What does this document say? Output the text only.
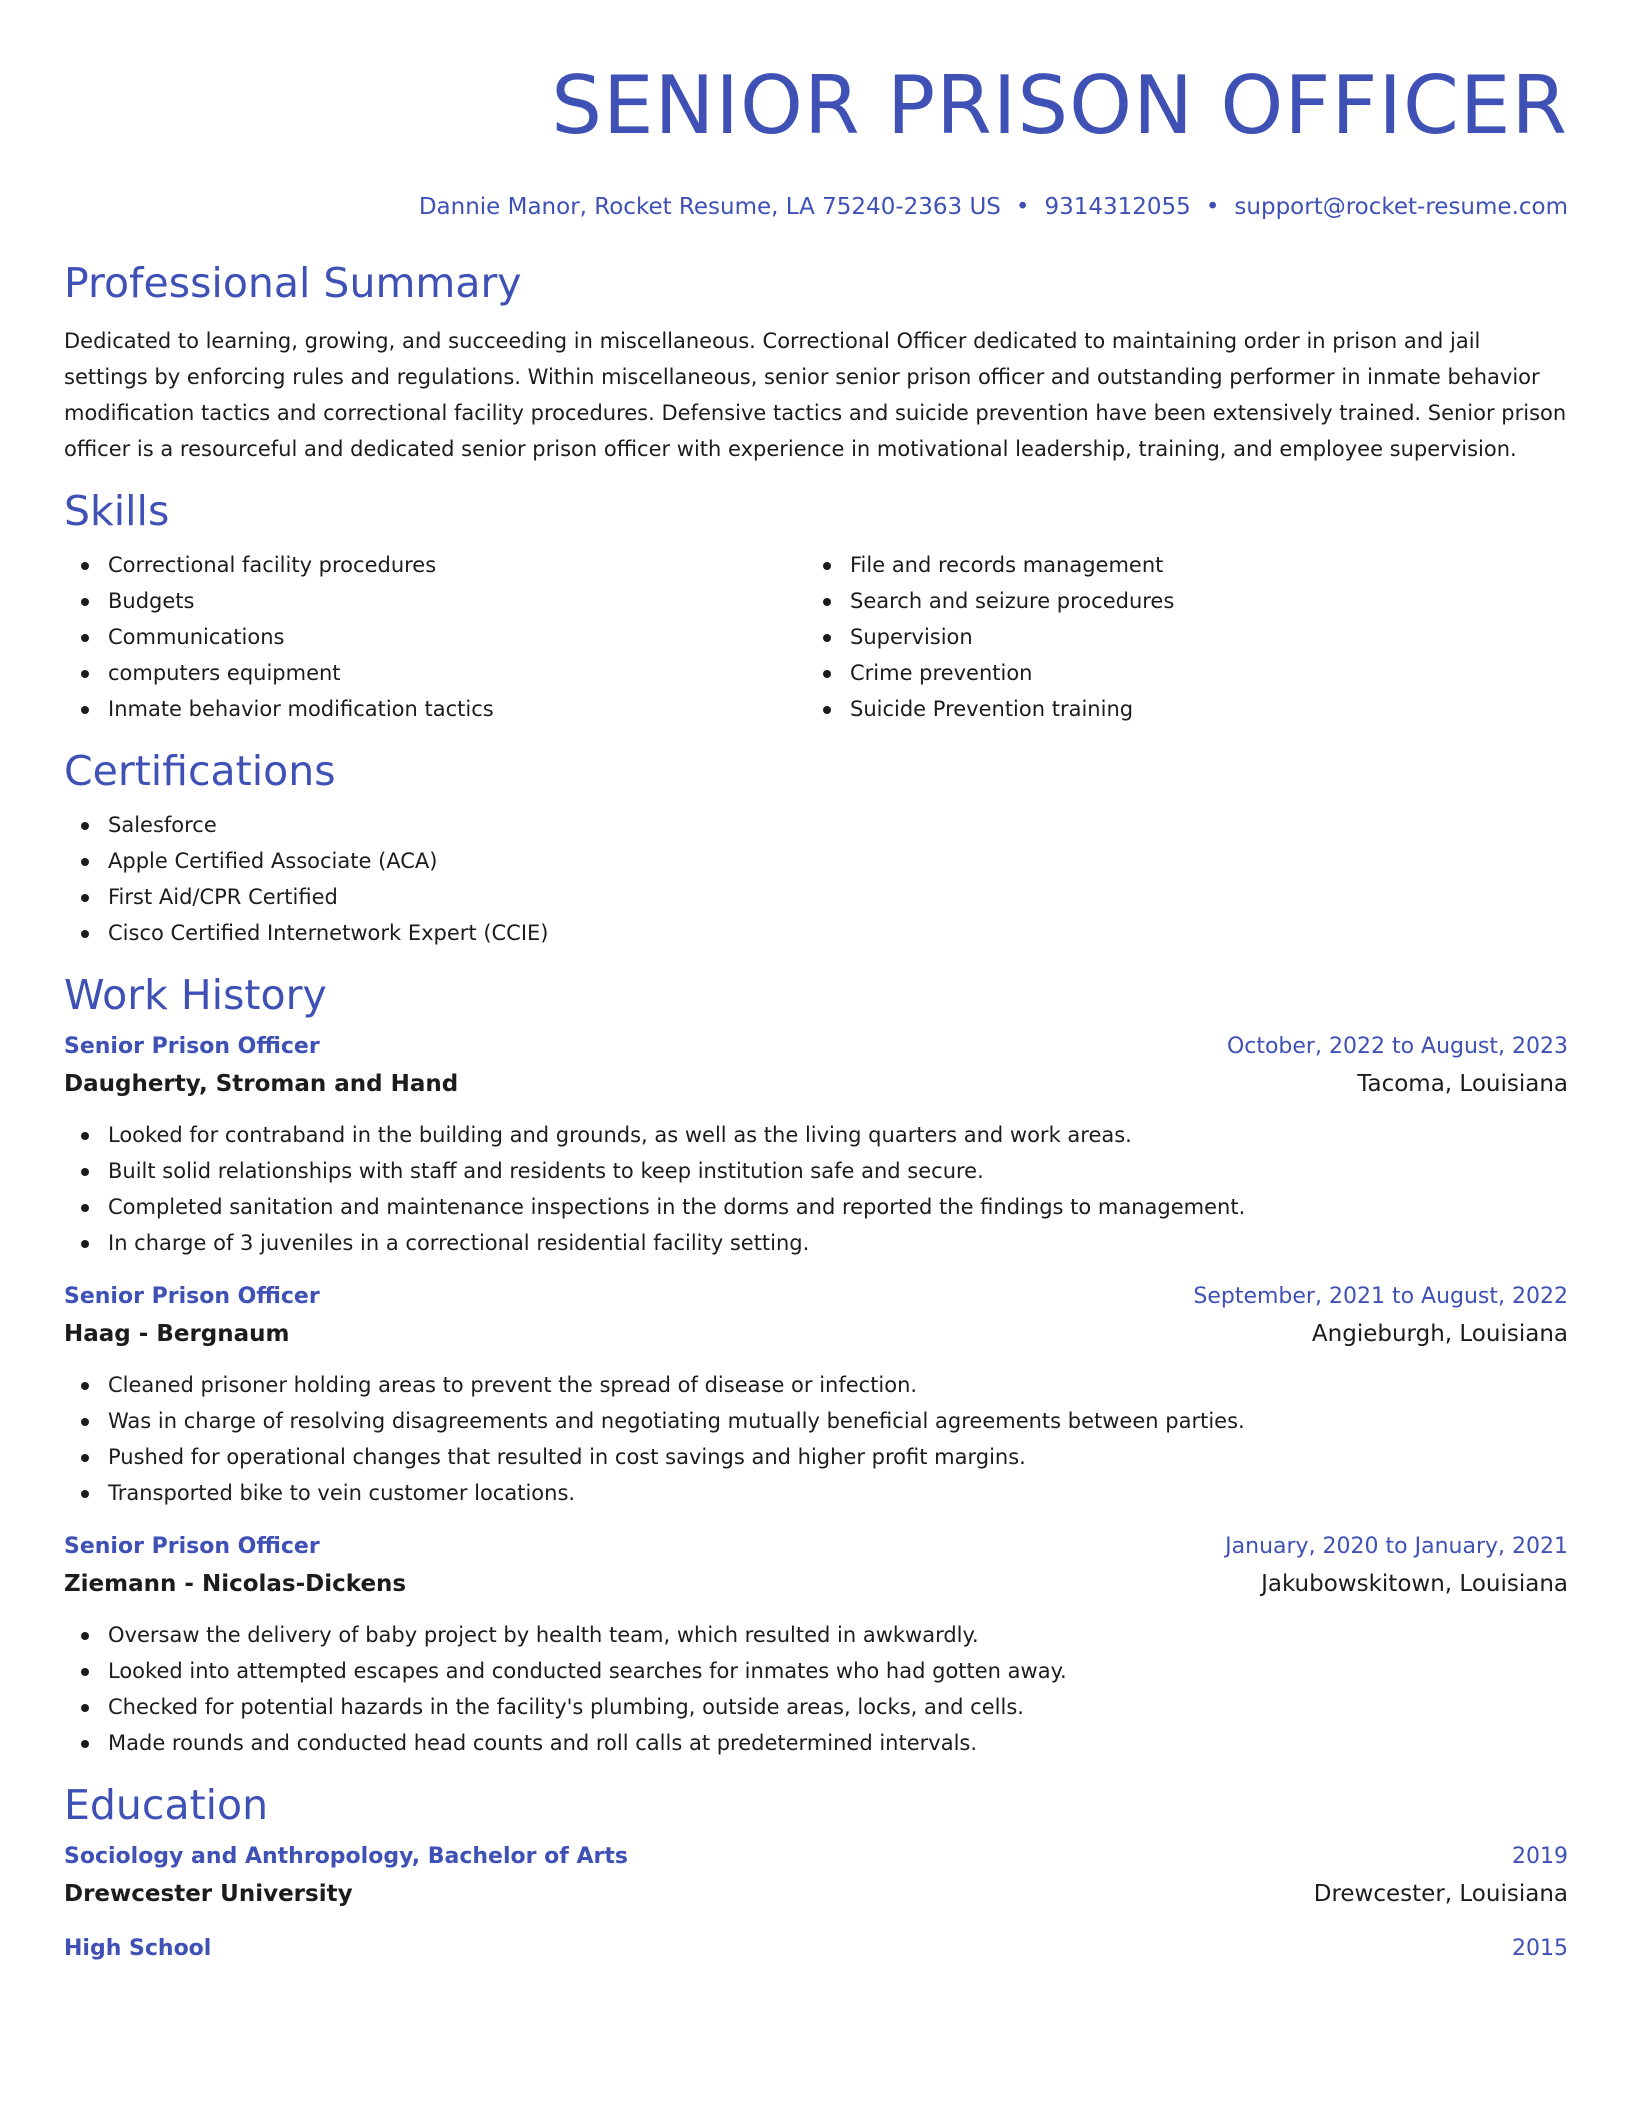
SENIOR PRISON OFFICER
Dannie Manor, Rocket Resume, LA 75240-2363 US • 9314312055 • support@rocket-resume.com
Professional Summary

Dedicated to learning, growing, and succeeding in miscellaneous. Correctional Officer dedicated to maintaining order in prison and jail settings by enforcing rules and regulations. Within miscellaneous, senior senior prison officer and outstanding performer in inmate behavior modification tactics and correctional facility procedures. Defensive tactics and suicide prevention have been extensively trained. Senior prison officer is a resourceful and dedicated senior prison officer with experience in motivational leadership, training, and employee supervision.

Skills
Correctional facility procedures
Budgets
Communications
computers equipment
Inmate behavior modification tactics
File and records management
Search and seizure procedures
Supervision
Crime prevention
Suicide Prevention training
Certifications
Salesforce
Apple Certified Associate (ACA)
First Aid/CPR Certified
Cisco Certified Internetwork Expert (CCIE)
Work History
Senior Prison Officer	October, 2022 to August, 2023
Daugherty, Stroman and Hand	Tacoma, Louisiana
Looked for contraband in the building and grounds, as well as the living quarters and work areas.
Built solid relationships with staff and residents to keep institution safe and secure.
Completed sanitation and maintenance inspections in the dorms and reported the findings to management.
In charge of 3 juveniles in a correctional residential facility setting.
Senior Prison Officer	September, 2021 to August, 2022
Haag - Bergnaum	Angieburgh, Louisiana
Cleaned prisoner holding areas to prevent the spread of disease or infection.
Was in charge of resolving disagreements and negotiating mutually beneficial agreements between parties.
Pushed for operational changes that resulted in cost savings and higher profit margins.
Transported bike to vein customer locations.
Senior Prison Officer	January, 2020 to January, 2021
Ziemann - Nicolas-Dickens	Jakubowskitown, Louisiana
Oversaw the delivery of baby project by health team, which resulted in awkwardly.
Looked into attempted escapes and conducted searches for inmates who had gotten away.
Checked for potential hazards in the facility's plumbing, outside areas, locks, and cells.
Made rounds and conducted head counts and roll calls at predetermined intervals.
Education
Sociology and Anthropology, Bachelor of Arts	2019
Drewcester University	Drewcester, Louisiana
High School	2015
